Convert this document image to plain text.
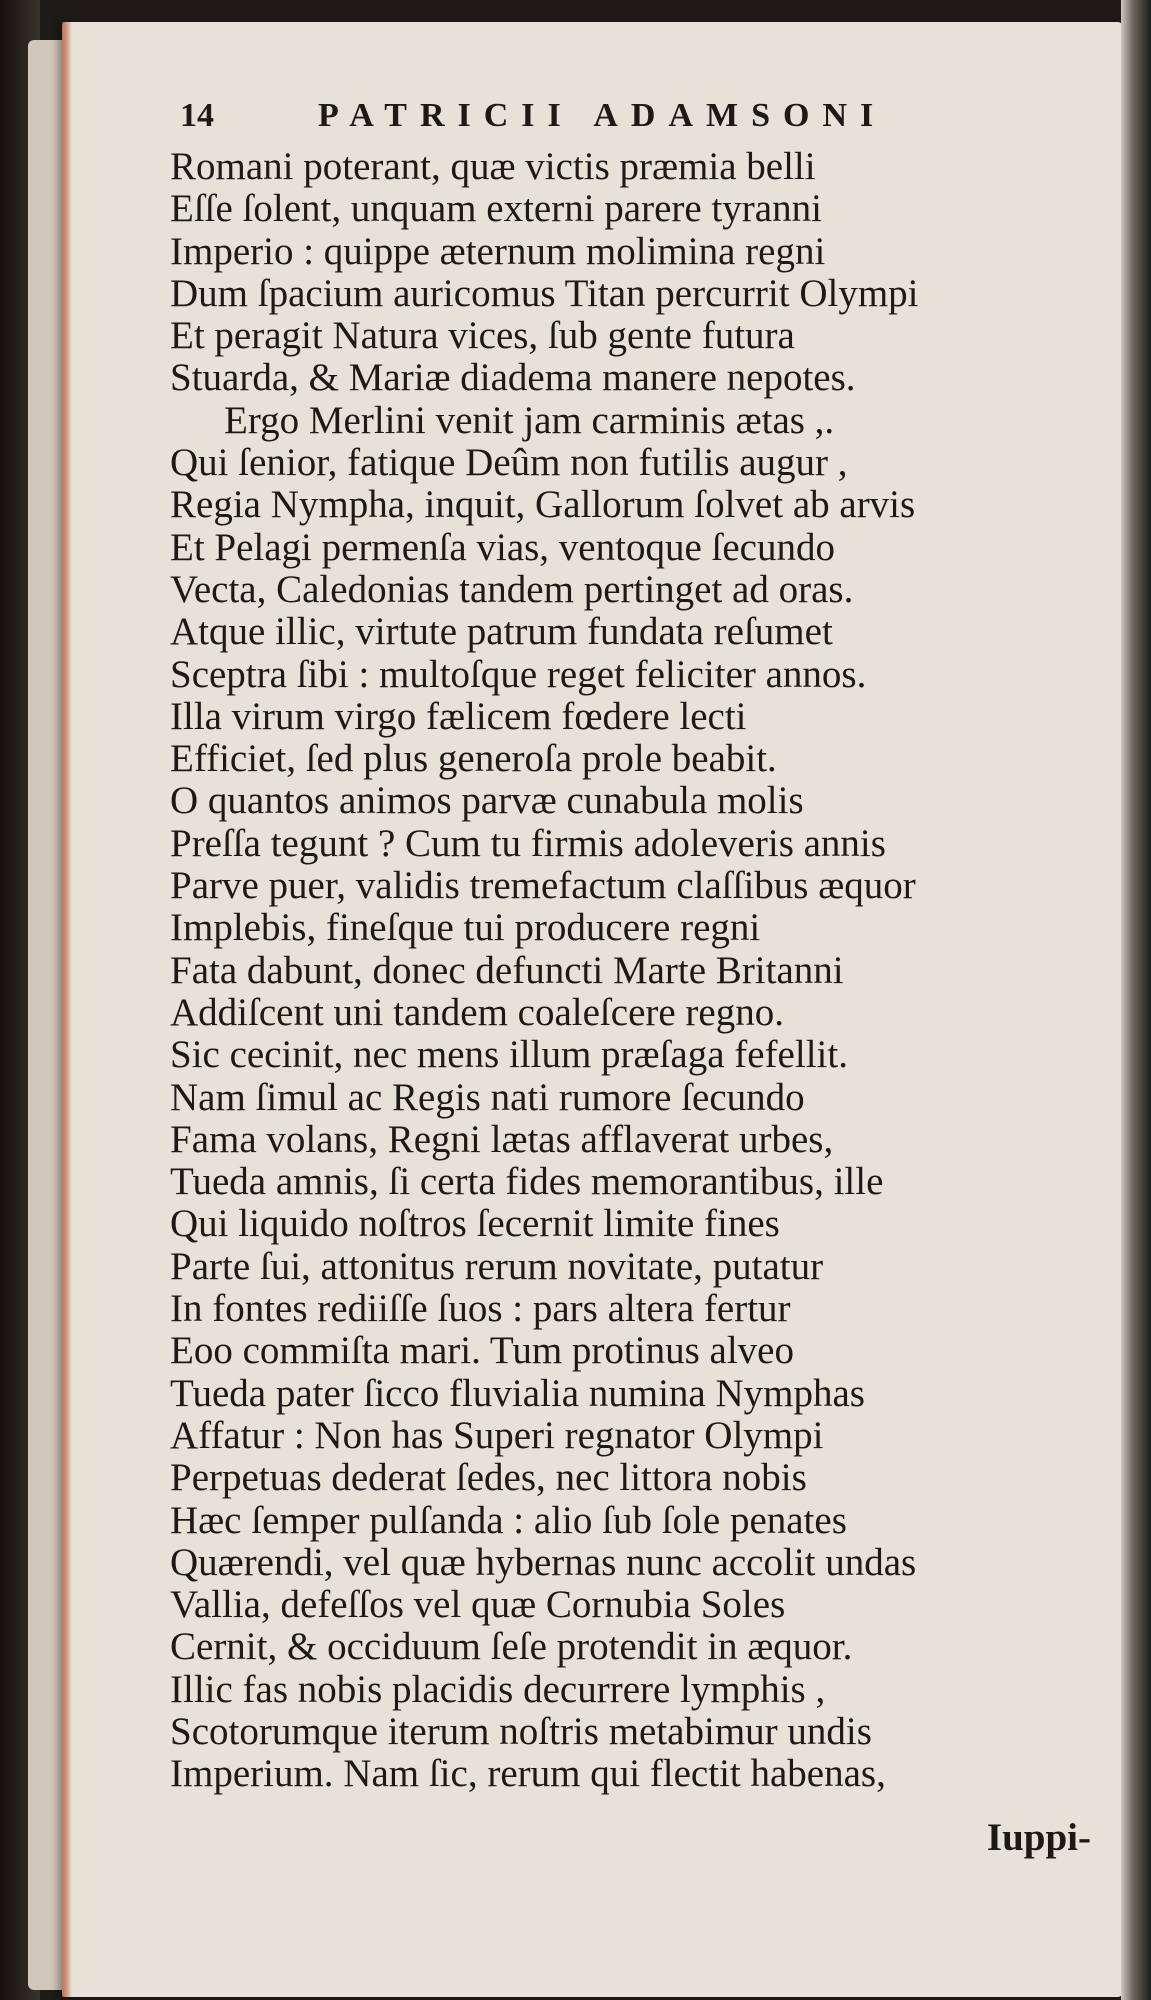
14	PATRICII ADAMSONI
Romani poterant, quæ victis præmia belli
Eſſe ſolent, unquam externi parere tyranni
Imperio : quippe æternum molimina regni
Dum ſpacium auricomus Titan percurrit Olympi
Et peragit Natura vices, ſub gente futura
Stuarda, & Mariæ diadema manere nepotes.
Ergo Merlini venit jam carminis ætas ,.
Qui ſenior, fatique Deûm non futilis augur ,
Regia Nympha, inquit, Gallorum ſolvet ab arvis
Et Pelagi permenſa vias, ventoque ſecundo
Vecta, Caledonias tandem pertinget ad oras.
Atque illic, virtute patrum fundata reſumet
Sceptra ſibi : multoſque reget feliciter annos.
Illa virum virgo fælicem fœdere lecti
Efficiet, ſed plus generoſa prole beabit.
O quantos animos parvæ cunabula molis
Preſſa tegunt ? Cum tu firmis adoleveris annis
Parve puer, validis tremefactum claſſibus æquor
Implebis, fineſque tui producere regni
Fata dabunt, donec defuncti Marte Britanni
Addiſcent uni tandem coaleſcere regno.
Sic cecinit, nec mens illum præſaga fefellit.
Nam ſimul ac Regis nati rumore ſecundo
Fama volans, Regni lætas afflaverat urbes,
Tueda amnis, ſi certa fides memorantibus, ille
Qui liquido noſtros ſecernit limite fines
Parte ſui, attonitus rerum novitate, putatur
In fontes rediiſſe ſuos : pars altera fertur
Eoo commiſta mari. Tum protinus alveo
Tueda pater ſicco fluvialia numina Nymphas
Affatur : Non has Superi regnator Olympi
Perpetuas dederat ſedes, nec littora nobis
Hæc ſemper pulſanda : alio ſub ſole penates
Quærendi, vel quæ hybernas nunc accolit undas
Vallia, defeſſos vel quæ Cornubia Soles
Cernit, & occiduum ſeſe protendit in æquor.
Illic fas nobis placidis decurrere lymphis ,
Scotorumque iterum noſtris metabimur undis
Imperium. Nam ſic, rerum qui flectit habenas,
Iuppi-
